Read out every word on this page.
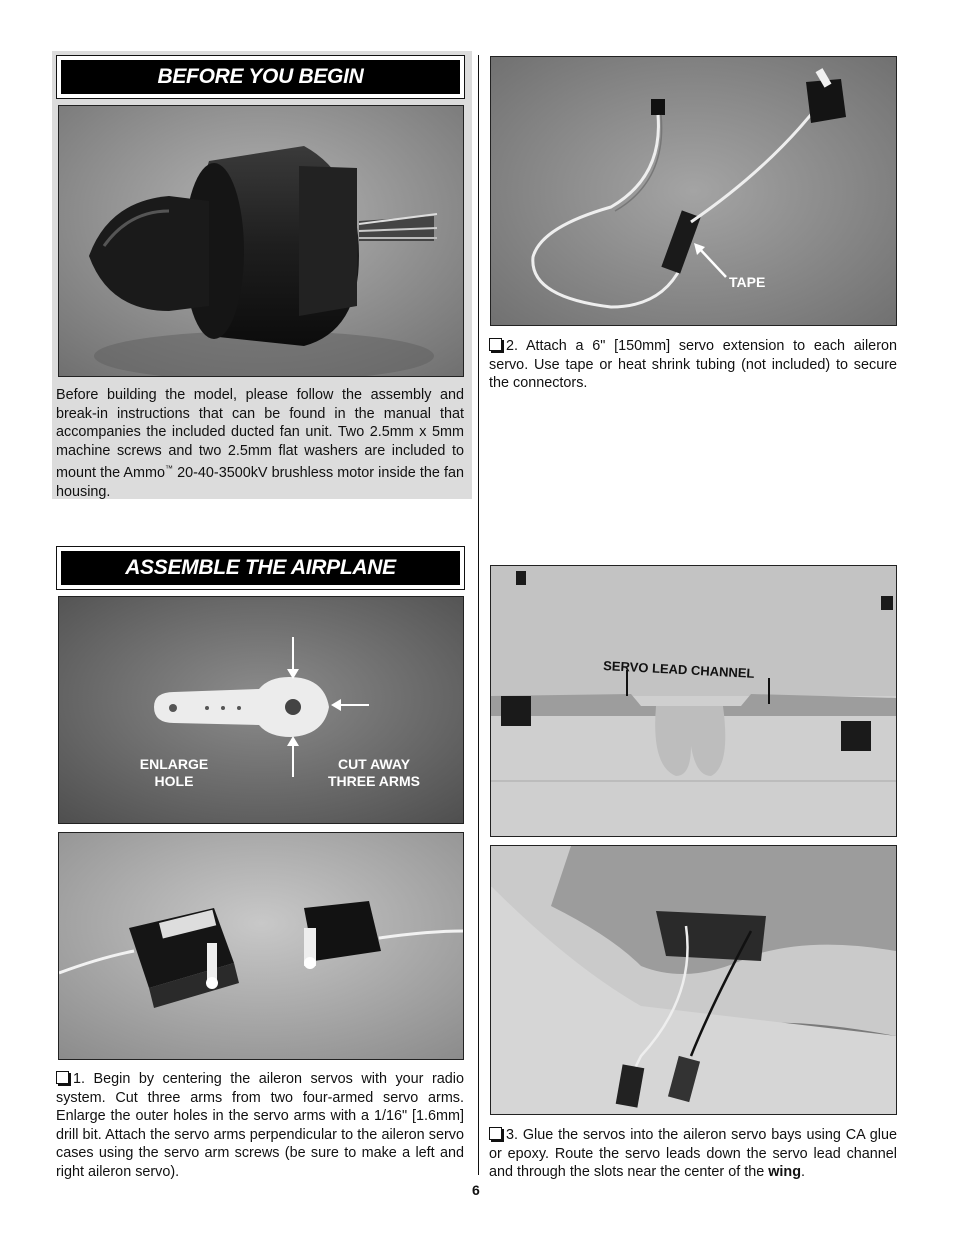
BEFORE YOU BEGIN
Before building the model, please follow the assembly and break-in instructions that can be found in the manual that accompanies the included ducted fan unit. Two 2.5mm x 5mm machine screws and two 2.5mm flat washers are included to mount the Ammo™ 20-40-3500kV brushless motor inside the fan housing.
ASSEMBLE THE AIRPLANE
ENLARGE
HOLE
CUT AWAY
THREE ARMS
1. Begin by centering the aileron servos with your radio system. Cut three arms from two four-armed servo arms. Enlarge the outer holes in the servo arms with a 1/16" [1.6mm] drill bit. Attach the servo arms perpendicular to the aileron servo cases using the servo arm screws (be sure to make a left and right aileron servo).
TAPE
2. Attach a 6" [150mm] servo extension to each aileron servo. Use tape or heat shrink tubing (not included) to secure the connectors.
SERVO LEAD CHANNEL
3. Glue the servos into the aileron servo bays using CA glue or epoxy. Route the servo leads down the servo lead channel and through the slots near the center of the wing.
6
